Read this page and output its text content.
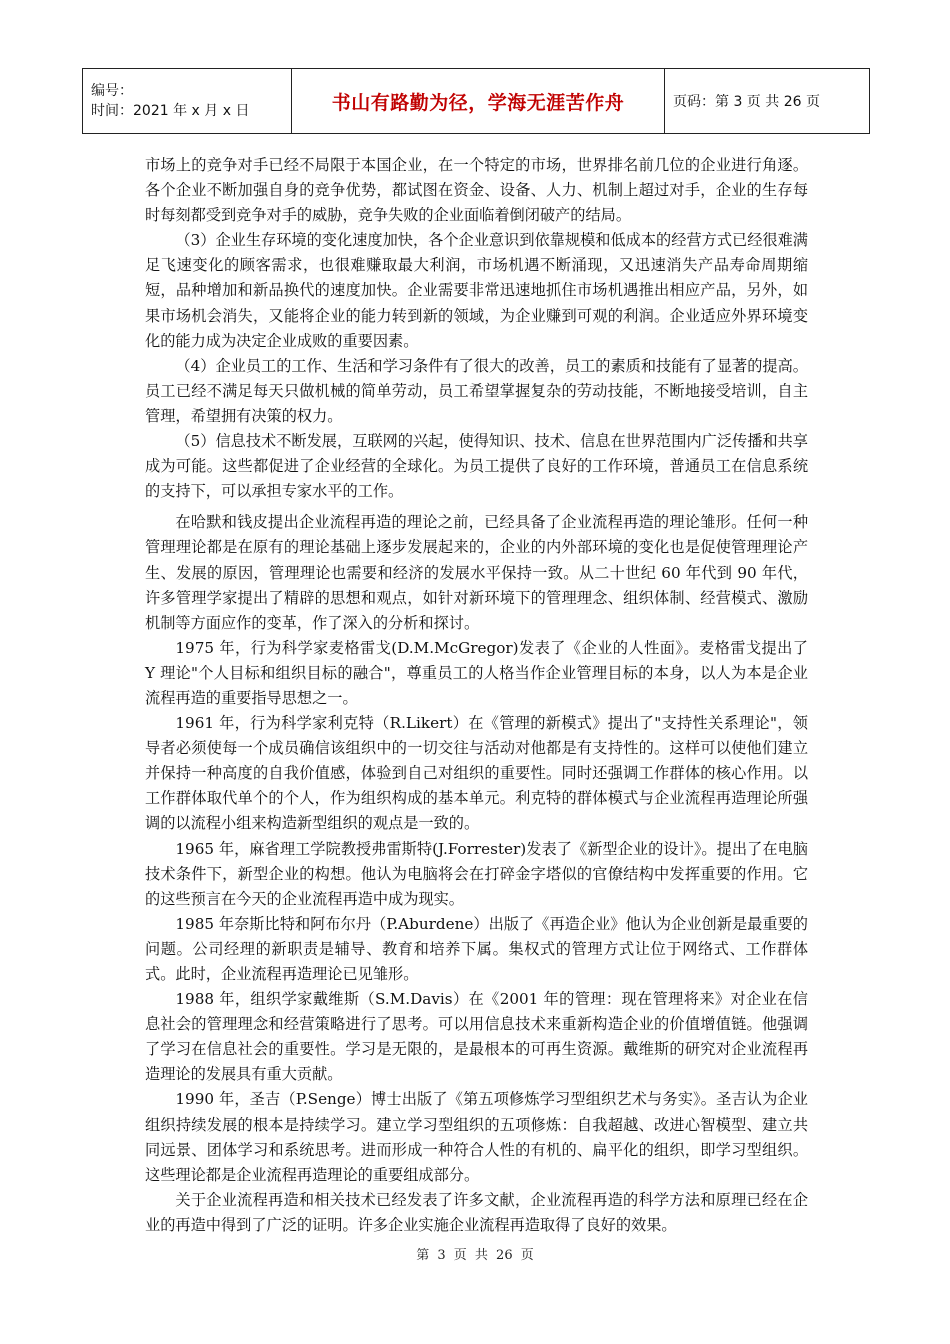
编号：
时间：2021 年 x 月 x 日	书山有路勤为径，学海无涯苦作舟	页码：第 3 页 共 26 页

市场上的竞争对手已经不局限于本国企业，在一个特定的市场，世界排名前几位的企业进行角逐。各个企业不断加强自身的竞争优势，都试图在资金、设备、人力、机制上超过对手，企业的生存每时每刻都受到竞争对手的威胁，竞争失败的企业面临着倒闭破产的结局。

（3）企业生存环境的变化速度加快，各个企业意识到依靠规模和低成本的经营方式已经很难满足飞速变化的顾客需求，也很难赚取最大利润，市场机遇不断涌现，又迅速消失产品寿命周期缩短，品种增加和新品换代的速度加快。企业需要非常迅速地抓住市场机遇推出相应产品，另外，如果市场机会消失，又能将企业的能力转到新的领域，为企业赚到可观的利润。企业适应外界环境变化的能力成为决定企业成败的重要因素。

（4）企业员工的工作、生活和学习条件有了很大的改善，员工的素质和技能有了显著的提高。员工已经不满足每天只做机械的简单劳动，员工希望掌握复杂的劳动技能，不断地接受培训，自主管理，希望拥有决策的权力。

（5）信息技术不断发展，互联网的兴起，使得知识、技术、信息在世界范围内广泛传播和共享成为可能。这些都促进了企业经营的全球化。为员工提供了良好的工作环境，普通员工在信息系统的支持下，可以承担专家水平的工作。

在哈默和钱皮提出企业流程再造的理论之前，已经具备了企业流程再造的理论雏形。任何一种管理理论都是在原有的理论基础上逐步发展起来的，企业的内外部环境的变化也是促使管理理论产生、发展的原因，管理理论也需要和经济的发展水平保持一致。从二十世纪 60 年代到 90 年代，许多管理学家提出了精辟的思想和观点，如针对新环境下的管理理念、组织体制、经营模式、激励机制等方面应作的变革，作了深入的分析和探讨。

1975 年，行为科学家麦格雷戈(D.M.McGregor)发表了《企业的人性面》。麦格雷戈提出了 Y 理论"个人目标和组织目标的融合"，尊重员工的人格当作企业管理目标的本身，以人为本是企业流程再造的重要指导思想之一。

1961 年，行为科学家利克特（R.Likert）在《管理的新模式》提出了"支持性关系理论"，领导者必须使每一个成员确信该组织中的一切交往与活动对他都是有支持性的。这样可以使他们建立并保持一种高度的自我价值感，体验到自己对组织的重要性。同时还强调工作群体的核心作用。以工作群体取代单个的个人，作为组织构成的基本单元。利克特的群体模式与企业流程再造理论所强调的以流程小组来构造新型组织的观点是一致的。

1965 年，麻省理工学院教授弗雷斯特(J.Forrester)发表了《新型企业的设计》。提出了在电脑技术条件下，新型企业的构想。他认为电脑将会在打碎金字塔似的官僚结构中发挥重要的作用。它的这些预言在今天的企业流程再造中成为现实。

1985 年奈斯比特和阿布尔丹（P.Aburdene）出版了《再造企业》他认为企业创新是最重要的问题。公司经理的新职责是辅导、教育和培养下属。集权式的管理方式让位于网络式、工作群体式。此时，企业流程再造理论已见雏形。

1988 年，组织学家戴维斯（S.M.Davis）在《2001 年的管理：现在管理将来》对企业在信息社会的管理理念和经营策略进行了思考。可以用信息技术来重新构造企业的价值增值链。他强调了学习在信息社会的重要性。学习是无限的，是最根本的可再生资源。戴维斯的研究对企业流程再造理论的发展具有重大贡献。

1990 年，圣吉（P.Senge）博士出版了《第五项修炼学习型组织艺术与务实》。圣吉认为企业组织持续发展的根本是持续学习。建立学习型组织的五项修炼：自我超越、改进心智模型、建立共同远景、团体学习和系统思考。进而形成一种符合人性的有机的、扁平化的组织，即学习型组织。这些理论都是企业流程再造理论的重要组成部分。

关于企业流程再造和相关技术已经发表了许多文献，企业流程再造的科学方法和原理已经在企业的再造中得到了广泛的证明。许多企业实施企业流程再造取得了良好的效果。

第 3 页 共 26 页
